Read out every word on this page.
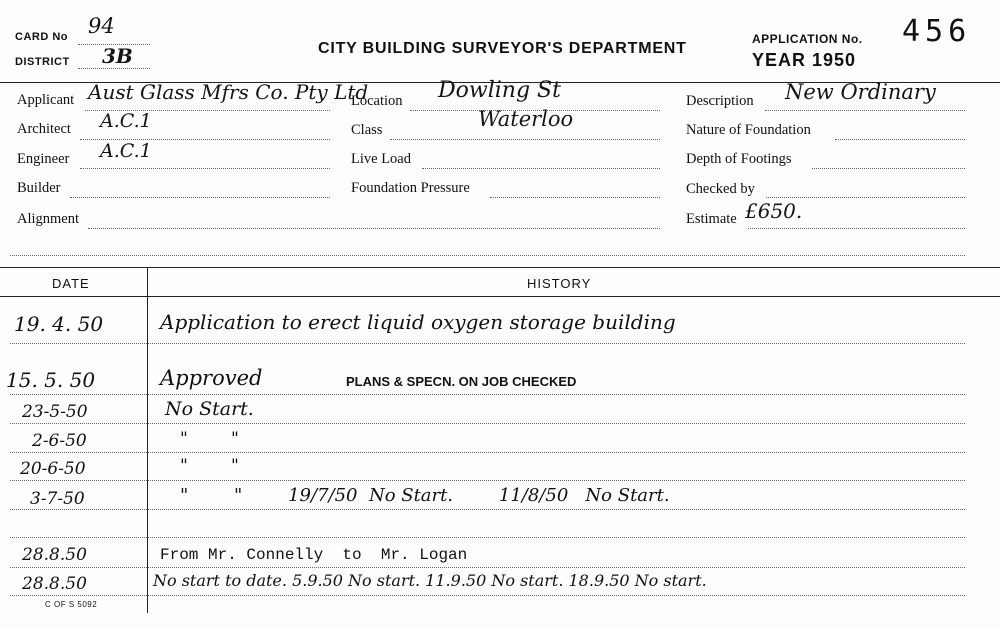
CARD No 94
DISTRICT 3B	CITY BUILDING SURVEYOR'S DEPARTMENT
APPLICATION No. 456
YEAR 1950
Applicant Aust Glass Mfrs Co. Pty Ltd
Architect A.C.1
Engineer A.C.1
Builder
Alignment
Location Dowling St
Class	Waterloo
Live Load
Foundation Pressure
Description New Ordinary
Nature of Foundation
Depth of Footings
Checked by
Estimate £650.
DATE	HISTORY
19. 4. 50	Application to erect liquid oxygen storage building
15. 5. 50	Approved	PLANS & SPECN. ON JOB CHECKED
23-5-50	No Start.
2-6-50	"        "
20-6-50	"        "
3-7-50	"        "        19/7/50  No Start.        11/8/50   No Start.
28.8.50	From Mr. Connelly  to  Mr. Logan
28.8.50	No start to date. 5.9.50 No start. 11.9.50 No start. 18.9.50 No start.
C OF S 5092
